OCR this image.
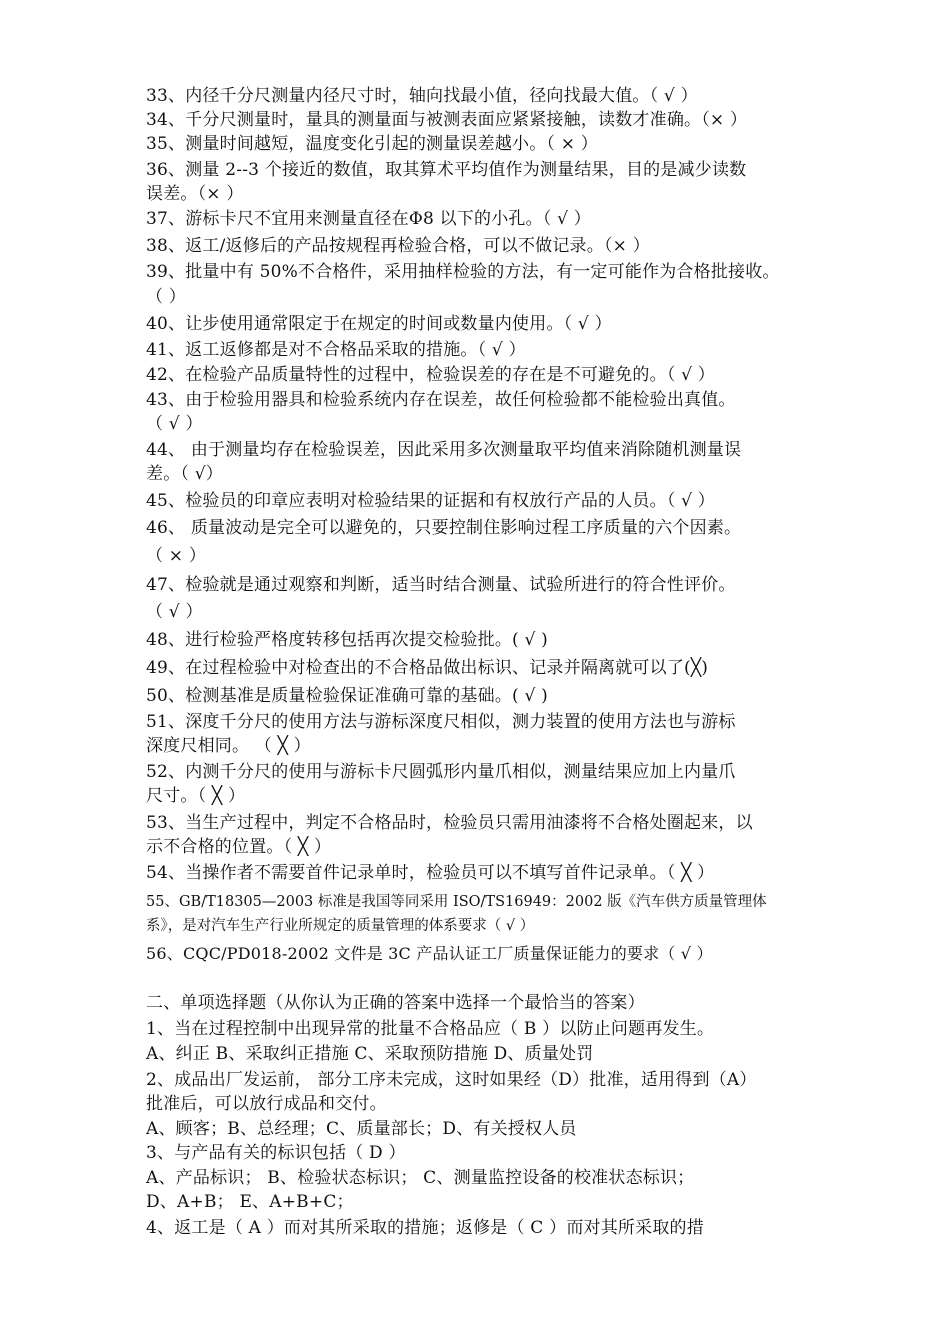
33、内径千分尺测量内径尺寸时，轴向找最小值，径向找最大值。（ √ ）

34、千分尺测量时，量具的测量面与被测表面应紧紧接触，读数才准确。（× ）

35、测量时间越短，温度变化引起的测量误差越小。（ × ）

36、测量 2--3 个接近的数值，取其算术平均值作为测量结果，目的是减少读数

误差。（× ）

37、游标卡尺不宜用来测量直径在Φ8 以下的小孔。（ √ ）

38、返工/返修后的产品按规程再检验合格，可以不做记录。（× ）

39、批量中有 50%不合格件，采用抽样检验的方法，有一定可能作为合格批接收。

（ ）

40、让步使用通常限定于在规定的时间或数量内使用。（ √ ）

41、返工返修都是对不合格品采取的措施。（ √ ）

42、在检验产品质量特性的过程中，检验误差的存在是不可避免的。（ √ ）

43、由于检验用器具和检验系统内存在误差，故任何检验都不能检验出真值。

（ √ ）

44、 由于测量均存在检验误差，因此采用多次测量取平均值来消除随机测量误

差。（ √）

45、检验员的印章应表明对检验结果的证据和有权放行产品的人员。（ √ ）

46、 质量波动是完全可以避免的，只要控制住影响过程工序质量的六个因素。

（ × ）

47、检验就是通过观察和判断，适当时结合测量、试验所进行的符合性评价。

（ √ ）

48、进行检验严格度转移包括再次提交检验批。( √ )

49、在过程检验中对检查出的不合格品做出标识、记录并隔离就可以了(╳)

50、检测基准是质量检验保证准确可靠的基础。( √ )

51、深度千分尺的使用方法与游标深度尺相似，测力装置的使用方法也与游标

深度尺相同。 （ ╳ ）

52、内测千分尺的使用与游标卡尺圆弧形内量爪相似，测量结果应加上内量爪

尺寸。（ ╳ ）

53、当生产过程中，判定不合格品时，检验员只需用油漆将不合格处圈起来，以

示不合格的位置。（ ╳ ）

54、当操作者不需要首件记录单时，检验员可以不填写首件记录单。（ ╳ ）

55、GB/T18305—2003 标准是我国等同采用 ISO/TS16949：2002 版《汽车供方质量管理体

系》，是对汽车生产行业所规定的质量管理的体系要求（ √ ）

56、CQC/PD018-2002 文件是 3C 产品认证工厂质量保证能力的要求（ √ ）

二、单项选择题（从你认为正确的答案中选择一个最恰当的答案）

1、当在过程控制中出现异常的批量不合格品应（ B ）以防止问题再发生。

A、纠正 B、采取纠正措施 C、采取预防措施 D、质量处罚

2、成品出厂发运前， 部分工序未完成，这时如果经（D）批准，适用得到（A）

批准后，可以放行成品和交付。

A、顾客；B、总经理；C、质量部长；D、有关授权人员

3、与产品有关的标识包括（ D ）

A、产品标识； B、检验状态标识； C、测量监控设备的校准状态标识；

D、A+B； E、A+B+C；

4、返工是（ A ）而对其所采取的措施；返修是（ C ）而对其所采取的措
